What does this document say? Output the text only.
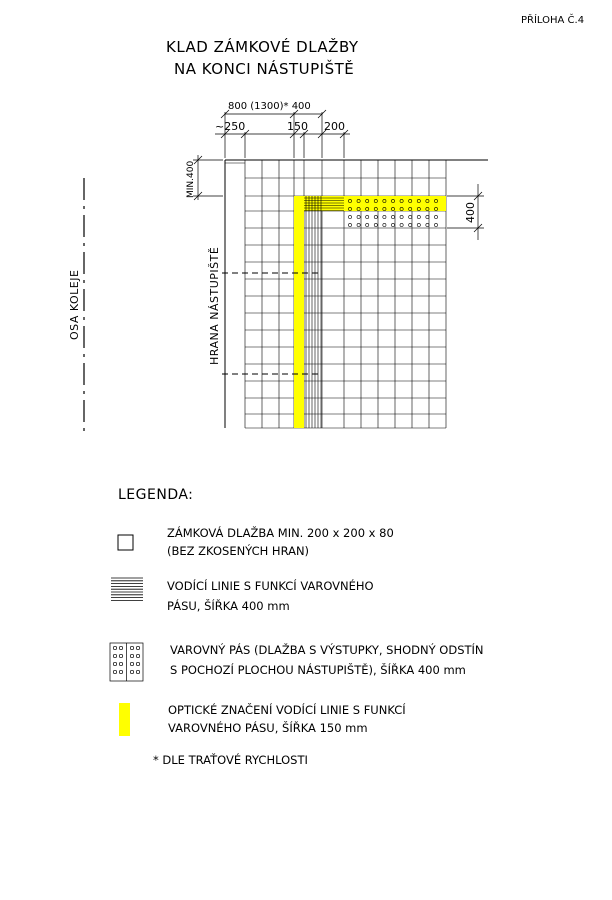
PŘÍLOHA Č.4
KLAD ZÁMKOVÉ DLAŽBY
NA KONCI NÁSTUPIŠTĚ
OSA KOLEJE	HRANA NÁSTUPIŠTĚ
800 (1300)* 400
~250	150 200
MIN.400
400
LEGENDA:
ZÁMKOVÁ DLAŽBA MIN. 200 x 200 x 80
(BEZ ZKOSENÝCH HRAN)
VODÍCÍ LINIE S FUNKCÍ VAROVNÉHO
PÁSU, ŠÍŘKA 400 mm
VAROVNÝ PÁS (DLAŽBA S VÝSTUPKY, SHODNÝ ODSTÍN
S POCHOZÍ PLOCHOU NÁSTUPIŠTĚ), ŠÍŘKA 400 mm
OPTICKÉ ZNAČENÍ VODÍCÍ LINIE S FUNKCÍ
VAROVNÉHO PÁSU, ŠÍŘKA 150 mm
* DLE TRAŤOVÉ RYCHLOSTI
